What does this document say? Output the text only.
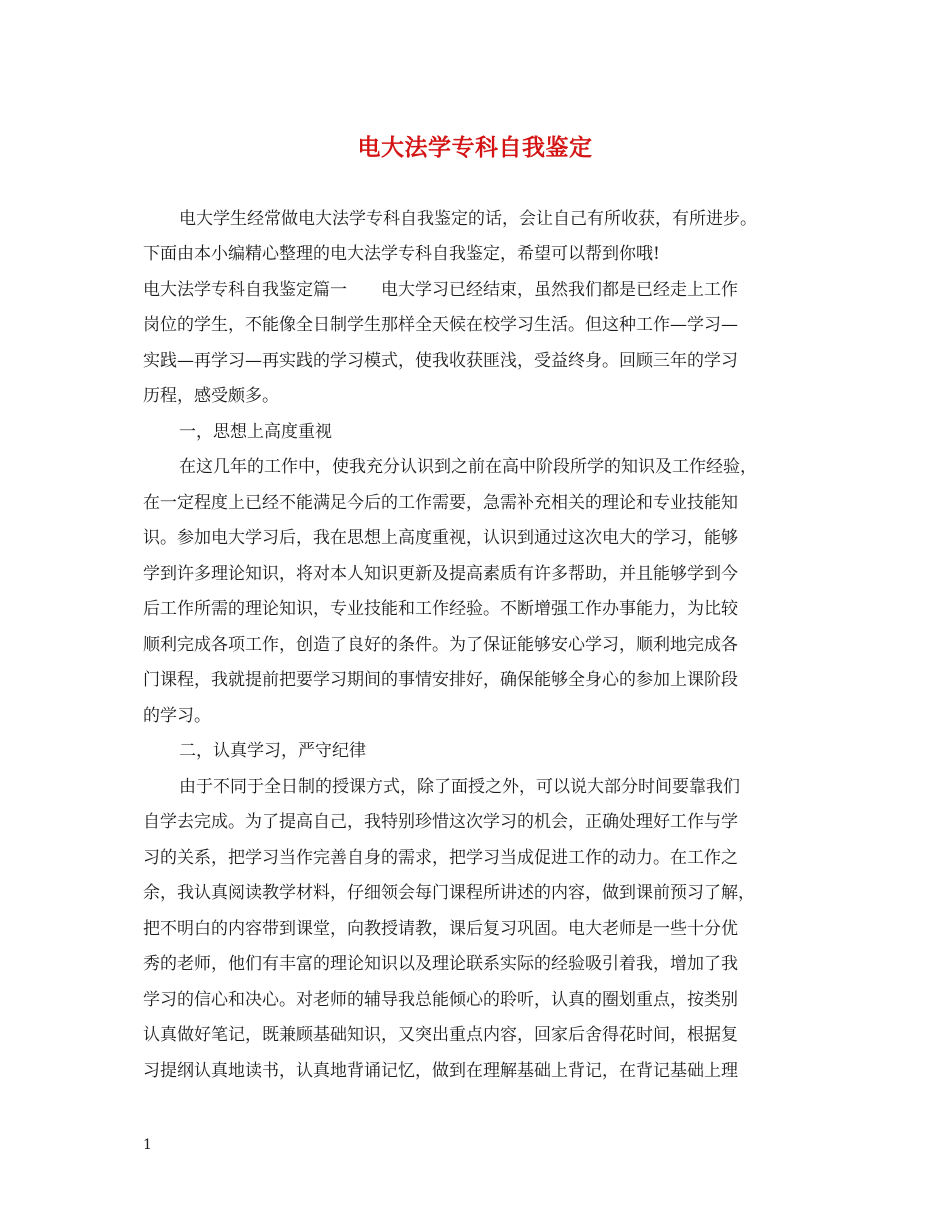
电大法学专科自我鉴定
电大学生经常做电大法学专科自我鉴定的话，会让自己有所收获，有所进步。
下面由本小编精心整理的电大法学专科自我鉴定，希望可以帮到你哦!
电大法学专科自我鉴定篇一　　电大学习已经结束，虽然我们都是已经走上工作
岗位的学生，不能像全日制学生那样全天候在校学习生活。但这种工作—学习—
实践—再学习—再实践的学习模式，使我收获匪浅，受益终身。回顾三年的学习
历程，感受颇多。
一，思想上高度重视
在这几年的工作中，使我充分认识到之前在高中阶段所学的知识及工作经验，
在一定程度上已经不能满足今后的工作需要，急需补充相关的理论和专业技能知
识。参加电大学习后，我在思想上高度重视，认识到通过这次电大的学习，能够
学到许多理论知识，将对本人知识更新及提高素质有许多帮助，并且能够学到今
后工作所需的理论知识，专业技能和工作经验。不断增强工作办事能力，为比较
顺利完成各项工作，创造了良好的条件。为了保证能够安心学习，顺利地完成各
门课程，我就提前把要学习期间的事情安排好，确保能够全身心的参加上课阶段
的学习。
二，认真学习，严守纪律
由于不同于全日制的授课方式，除了面授之外，可以说大部分时间要靠我们
自学去完成。为了提高自己，我特别珍惜这次学习的机会，正确处理好工作与学
习的关系，把学习当作完善自身的需求，把学习当成促进工作的动力。在工作之
余，我认真阅读教学材料，仔细领会每门课程所讲述的内容，做到课前预习了解，
把不明白的内容带到课堂，向教授请教，课后复习巩固。电大老师是一些十分优
秀的老师，他们有丰富的理论知识以及理论联系实际的经验吸引着我，增加了我
学习的信心和决心。对老师的辅导我总能倾心的聆听，认真的圈划重点，按类别
认真做好笔记，既兼顾基础知识，又突出重点内容，回家后舍得花时间，根据复
习提纲认真地读书，认真地背诵记忆，做到在理解基础上背记，在背记基础上理
1
